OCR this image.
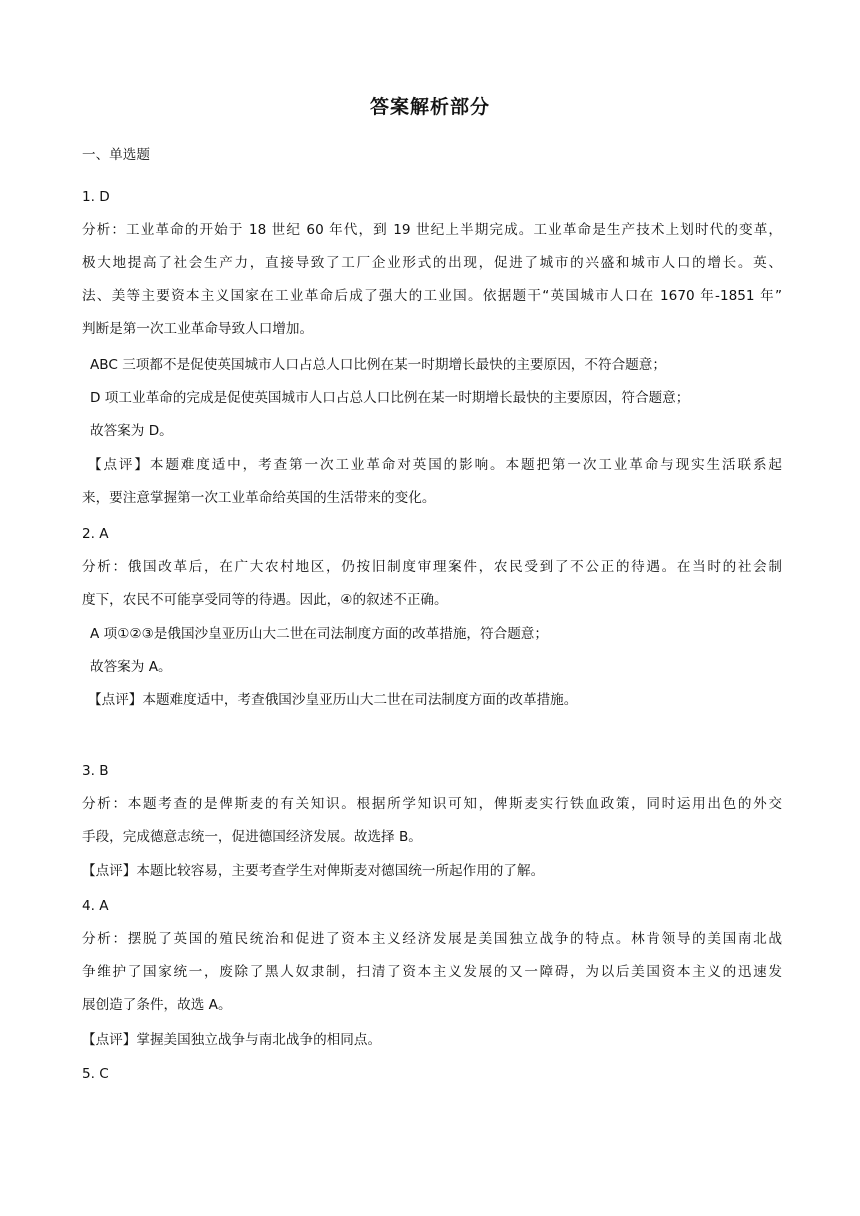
答案解析部分
一、单选题
1. D
分析：工业革命的开始于 18 世纪 60 年代，到 19 世纪上半期完成。工业革命是生产技术上划时代的变革，
极大地提高了社会生产力，直接导致了工厂企业形式的出现，促进了城市的兴盛和城市人口的增长。英、
法、美等主要资本主义国家在工业革命后成了强大的工业国。依据题干“英国城市人口在 1670 年-1851 年”
判断是第一次工业革命导致人口增加。
ABC 三项都不是促使英国城市人口占总人口比例在某一时期增长最快的主要原因，不符合题意；
D 项工业革命的完成是促使英国城市人口占总人口比例在某一时期增长最快的主要原因，符合题意；
故答案为 D。
【点评】本题难度适中，考查第一次工业革命对英国的影响。本题把第一次工业革命与现实生活联系起
来，要注意掌握第一次工业革命给英国的生活带来的变化。
2. A
分析：俄国改革后，在广大农村地区，仍按旧制度审理案件，农民受到了不公正的待遇。在当时的社会制
度下，农民不可能享受同等的待遇。因此，④的叙述不正确。
A 项①②③是俄国沙皇亚历山大二世在司法制度方面的改革措施，符合题意；
故答案为 A。
【点评】本题难度适中，考查俄国沙皇亚历山大二世在司法制度方面的改革措施。
3. B
分析：本题考查的是俾斯麦的有关知识。根据所学知识可知，俾斯麦实行铁血政策，同时运用出色的外交
手段，完成德意志统一，促进德国经济发展。故选择 B。
【点评】本题比较容易，主要考查学生对俾斯麦对德国统一所起作用的了解。
4. A
分析：摆脱了英国的殖民统治和促进了资本主义经济发展是美国独立战争的特点。林肯领导的美国南北战
争维护了国家统一，废除了黑人奴隶制，扫清了资本主义发展的又一障碍，为以后美国资本主义的迅速发
展创造了条件，故选 A。
【点评】掌握美国独立战争与南北战争的相同点。
5. C
